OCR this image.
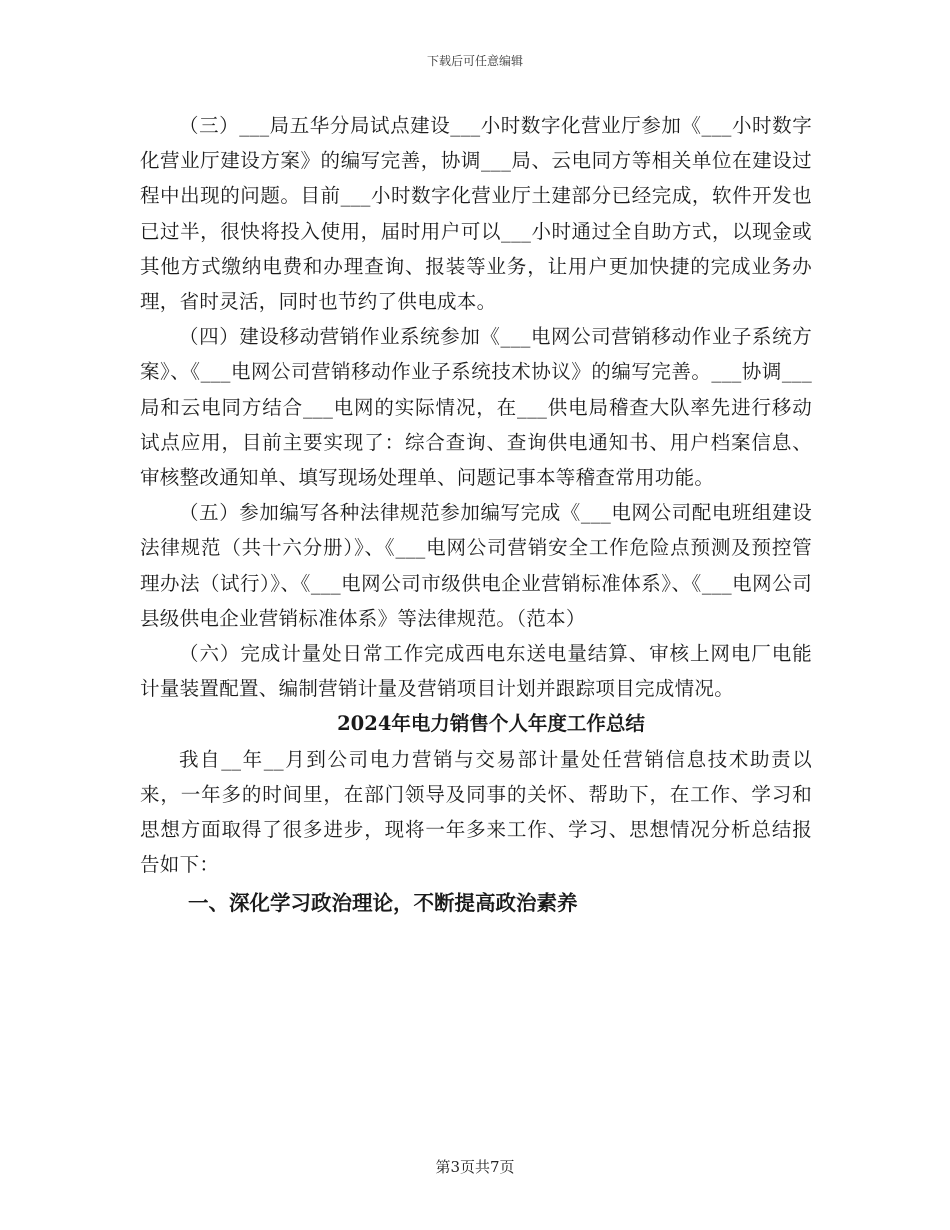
下载后可任意编辑

（三）___局五华分局试点建设___小时数字化营业厅参加《___小时数字化营业厅建设方案》的编写完善，协调___局、云电同方等相关单位在建设过程中出现的问题。目前___小时数字化营业厅土建部分已经完成，软件开发也已过半，很快将投入使用，届时用户可以___小时通过全自助方式，以现金或其他方式缴纳电费和办理查询、报装等业务，让用户更加快捷的完成业务办理，省时灵活，同时也节约了供电成本。

（四）建设移动营销作业系统参加《___电网公司营销移动作业子系统方案》、《___电网公司营销移动作业子系统技术协议》的编写完善。___协调___局和云电同方结合___电网的实际情况，在___供电局稽查大队率先进行移动试点应用，目前主要实现了：综合查询、查询供电通知书、用户档案信息、审核整改通知单、填写现场处理单、问题记事本等稽查常用功能。

（五）参加编写各种法律规范参加编写完成《___电网公司配电班组建设法律规范（共十六分册）》、《___电网公司营销安全工作危险点预测及预控管理办法（试行）》、《___电网公司市级供电企业营销标准体系》、《___电网公司县级供电企业营销标准体系》等法律规范。（范本）

（六）完成计量处日常工作完成西电东送电量结算、审核上网电厂电能计量装置配置、编制营销计量及营销项目计划并跟踪项目完成情况。

2024年电力销售个人年度工作总结

我自__年__月到公司电力营销与交易部计量处任营销信息技术助责以来，一年多的时间里，在部门领导及同事的关怀、帮助下，在工作、学习和思想方面取得了很多进步，现将一年多来工作、学习、思想情况分析总结报告如下：

一、深化学习政治理论，不断提高政治素养

第3页共7页
